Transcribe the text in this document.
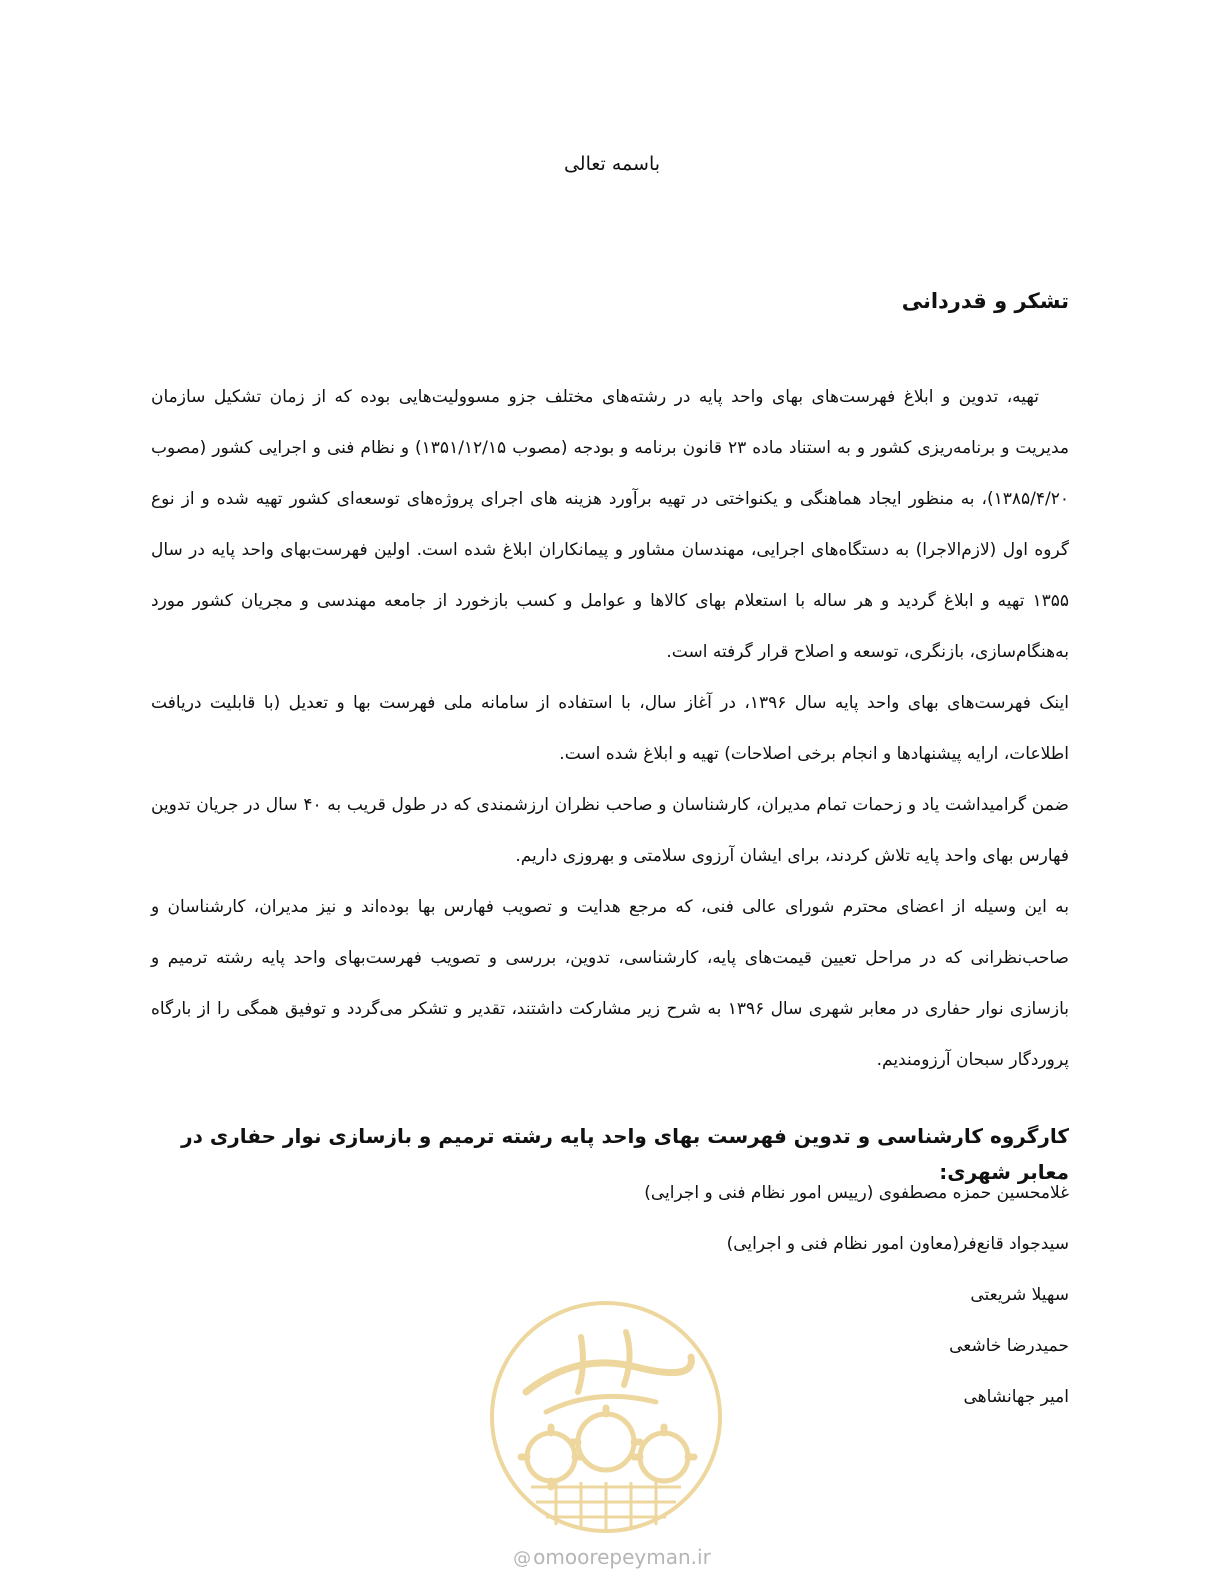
باسمه تعالی
تشکر و قدردانی

تهیه، تدوین و ابلاغ فهرست‌های بهای واحد پایه در رشته‌های مختلف جزو مسوولیت‌هایی بوده که از زمان تشکیل سازمان مدیریت و برنامه‌ریزی کشور و به استناد ماده ۲۳ قانون برنامه و بودجه (مصوب ۱۳۵۱/۱۲/۱۵) و نظام فنی و اجرایی کشور (مصوب ۱۳۸۵/۴/۲۰)، به منظور ایجاد هماهنگی و یکنواختی در تهیه برآورد هزینه های اجرای پروژه‌های توسعه‌ای کشور تهیه شده و از نوع گروه اول (لازم‌الاجرا) به دستگاه‌های اجرایی، مهندسان مشاور و پیمانکاران ابلاغ شده است. اولین فهرست‌بهای واحد پایه در سال ۱۳۵۵ تهیه و ابلاغ گردید و هر ساله با استعلام بهای کالاها و عوامل و کسب بازخورد از جامعه مهندسی و مجریان کشور مورد به‌هنگام‌سازی، بازنگری، توسعه و اصلاح قرار گرفته است.

اینک فهرست‌های بهای واحد پایه سال ۱۳۹۶، در آغاز سال، با استفاده از سامانه ملی فهرست بها و تعدیل (با قابلیت دریافت اطلاعات، ارایه پیشنهادها و انجام برخی اصلاحات) تهیه و ابلاغ شده است.

ضمن گرامیداشت یاد و زحمات تمام مدیران، کارشناسان و صاحب نظران ارزشمندی که در طول قریب به ۴۰ سال در جریان تدوین فهارس بهای واحد پایه تلاش کردند، برای ایشان آرزوی سلامتی و بهروزی داریم.

به این وسیله از اعضای محترم شورای عالی فنی، که مرجع هدایت و تصویب فهارس بها بوده‌اند و نیز مدیران، کارشناسان و صاحب‌نظرانی که در مراحل تعیین قیمت‌های پایه، کارشناسی، تدوین، بررسی و تصویب فهرست‌بهای واحد پایه رشته ترمیم و بازسازی نوار حفاری در معابر شهری سال ۱۳۹۶ به شرح زیر مشارکت داشتند، تقدیر و تشکر می‌گردد و توفیق همگی را از بارگاه پروردگار سبحان آرزومندیم.

کارگروه کارشناسی و تدوین فهرست بهای واحد پایه رشته ترمیم و بازسازی نوار حفاری در معابر شهری:
غلامحسین حمزه مصطفوی (رییس امور نظام فنی و اجرایی)
سیدجواد قانع‌فر(معاون امور نظام فنی و اجرایی)
سهیلا شریعتی
حمیدرضا خاشعی
امیر جهانشاهی
@ omoorepeyman.ir
